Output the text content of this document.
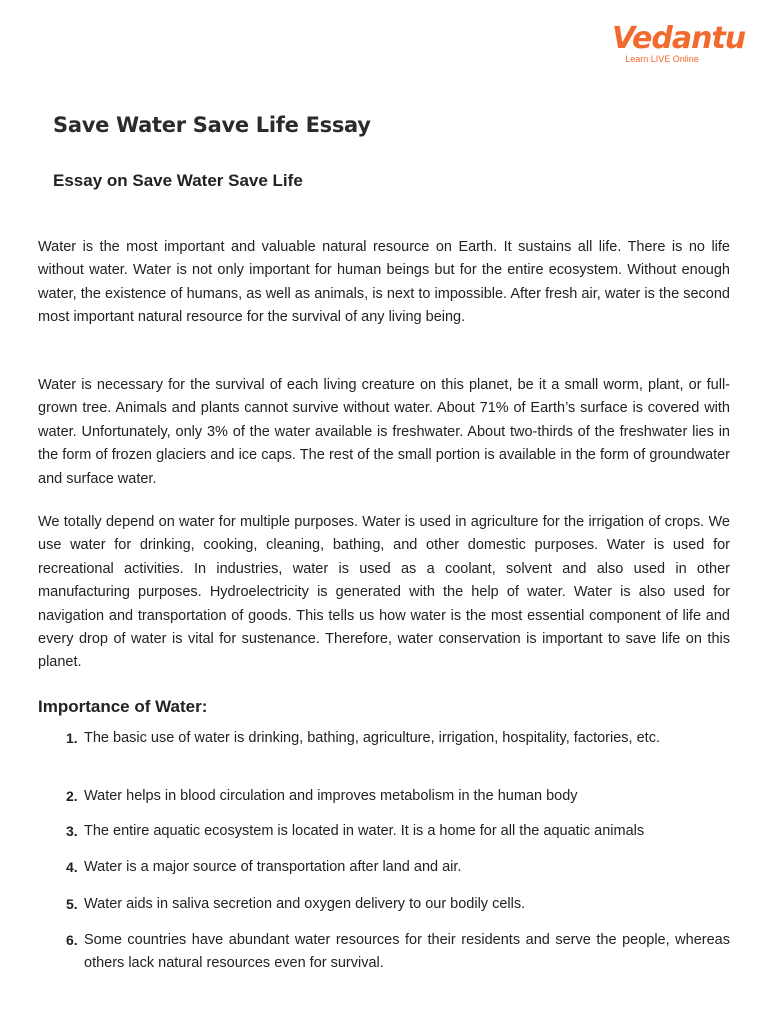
Vedantu
Learn LIVE Online
Save Water Save Life Essay
Essay on Save Water Save Life

Water is the most important and valuable natural resource on Earth. It sustains all life. There is no life without water. Water is not only important for human beings but for the entire ecosystem. Without enough water, the existence of humans, as well as animals, is next to impossible. After fresh air, water is the second most important natural resource for the survival of any living being.

Water is necessary for the survival of each living creature on this planet, be it a small worm, plant, or full-grown tree. Animals and plants cannot survive without water. About 71% of Earth’s surface is covered with water. Unfortunately, only 3% of the water available is freshwater. About two-thirds of the freshwater lies in the form of frozen glaciers and ice caps. The rest of the small portion is available in the form of groundwater and surface water.

We totally depend on water for multiple purposes. Water is used in agriculture for the irrigation of crops. We use water for drinking, cooking, cleaning, bathing, and other domestic purposes. Water is used for recreational activities. In industries, water is used as a coolant, solvent and also used in other manufacturing purposes. Hydroelectricity is generated with the help of water. Water is also used for navigation and transportation of goods. This tells us how water is the most essential component of life and every drop of water is vital for sustenance. Therefore, water conservation is important to save life on this planet.

Importance of Water:
1. The basic use of water is drinking, bathing, agriculture, irrigation, hospitality, factories, etc.
2. Water helps in blood circulation and improves metabolism in the human body
3. The entire aquatic ecosystem is located in water. It is a home for all the aquatic animals
4. Water is a major source of transportation after land and air.
5. Water aids in saliva secretion and oxygen delivery to our bodily cells.
6. Some countries have abundant water resources for their residents and serve the people, whereas others lack natural resources even for survival.
